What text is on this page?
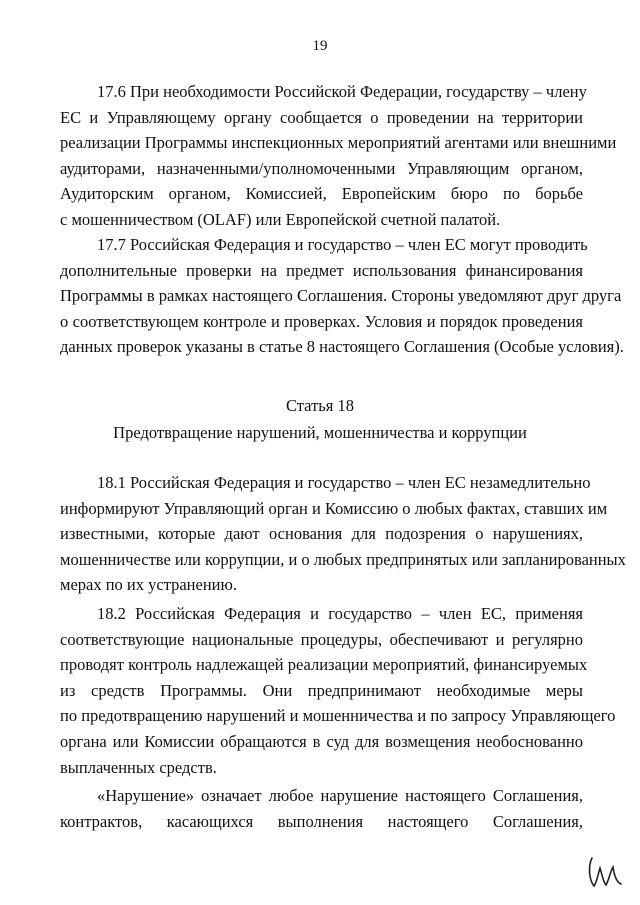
19
17.6 При необходимости Российской Федерации, государству – члену
ЕС и Управляющему органу сообщается о проведении на территории
реализации Программы инспекционных мероприятий агентами или внешними
аудиторами, назначенными/уполномоченными Управляющим органом,
Аудиторским органом, Комиссией, Европейским бюро по борьбе
с мошенничеством (OLAF) или Европейской счетной палатой.
17.7 Российская Федерация и государство – член ЕС могут проводить
дополнительные проверки на предмет использования финансирования
Программы в рамках настоящего Соглашения. Стороны уведомляют друг друга
о соответствующем контроле и проверках. Условия и порядок проведения
данных проверок указаны в статье 8 настоящего Соглашения (Особые условия).
Статья 18
Предотвращение нарушений, мошенничества и коррупции
18.1 Российская Федерация и государство – член ЕС незамедлительно
информируют Управляющий орган и Комиссию о любых фактах, ставших им
известными, которые дают основания для подозрения о нарушениях,
мошенничестве или коррупции, и о любых предпринятых или запланированных
мерах по их устранению.
18.2 Российская Федерация и государство – член ЕС, применяя
соответствующие национальные процедуры, обеспечивают и регулярно
проводят контроль надлежащей реализации мероприятий, финансируемых
из средств Программы. Они предпринимают необходимые меры
по предотвращению нарушений и мошенничества и по запросу Управляющего
органа или Комиссии обращаются в суд для возмещения необоснованно
выплаченных средств.
«Нарушение» означает любое нарушение настоящего Соглашения,
контрактов, касающихся выполнения настоящего Соглашения,
